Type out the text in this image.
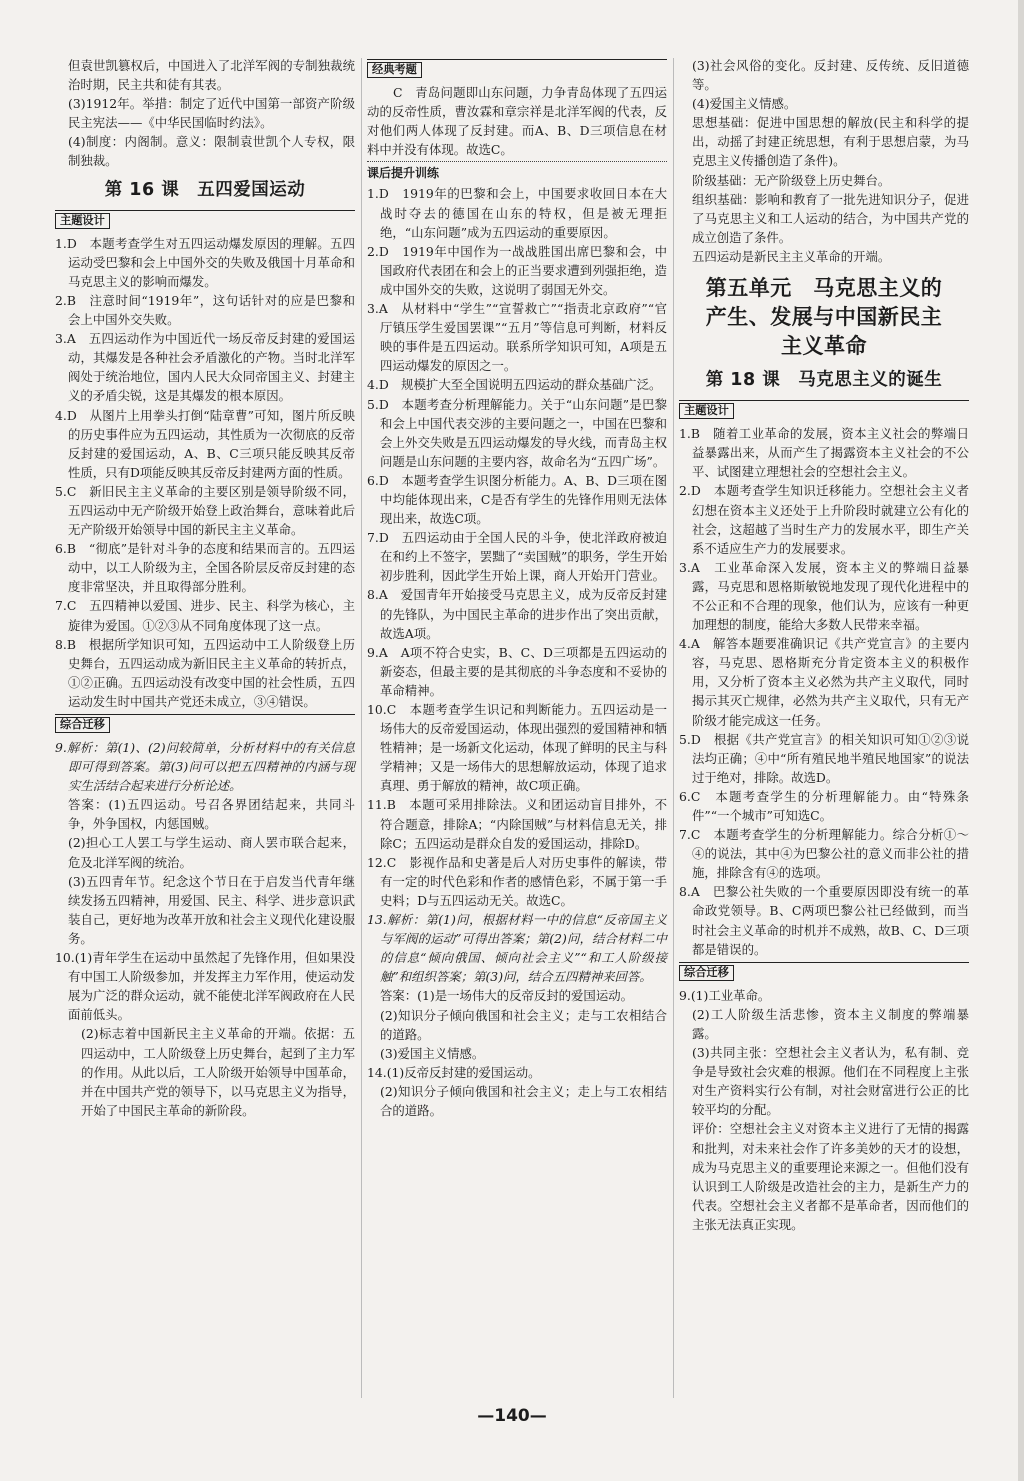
但袁世凯篡权后，中国进入了北洋军阀的专制独裁统治时期，民主共和徒有其表。

(3)1912年。举措：制定了近代中国第一部资产阶级民主宪法——《中华民国临时约法》。

(4)制度：内阁制。意义：限制袁世凯个人专权，限制独裁。

第 16 课　五四爱国运动
主题设计

1.D　本题考查学生对五四运动爆发原因的理解。五四运动受巴黎和会上中国外交的失败及俄国十月革命和马克思主义的影响而爆发。

2.B　注意时间“1919年”，这句话针对的应是巴黎和会上中国外交失败。

3.A　五四运动作为中国近代一场反帝反封建的爱国运动，其爆发是各种社会矛盾激化的产物。当时北洋军阀处于统治地位，国内人民大众同帝国主义、封建主义的矛盾尖锐，这是其爆发的根本原因。

4.D　从图片上用拳头打倒“陆章曹”可知，图片所反映的历史事件应为五四运动，其性质为一次彻底的反帝反封建的爱国运动，A、B、C三项只能反映其反帝性质，只有D项能反映其反帝反封建两方面的性质。

5.C　新旧民主主义革命的主要区别是领导阶级不同，五四运动中无产阶级开始登上政治舞台，意味着此后无产阶级开始领导中国的新民主主义革命。

6.B　“彻底”是针对斗争的态度和结果而言的。五四运动中，以工人阶级为主，全国各阶层反帝反封建的态度非常坚决，并且取得部分胜利。

7.C　五四精神以爱国、进步、民主、科学为核心，主旋律为爱国。①②③从不同角度体现了这一点。

8.B　根据所学知识可知，五四运动中工人阶级登上历史舞台，五四运动成为新旧民主主义革命的转折点，①②正确。五四运动没有改变中国的社会性质，五四运动发生时中国共产党还未成立，③④错误。

综合迁移

9.解析：第(1)、(2)问较简单，分析材料中的有关信息即可得到答案。第(3)问可以把五四精神的内涵与现实生活结合起来进行分析论述。

答案：(1)五四运动。号召各界团结起来，共同斗争，外争国权，内惩国贼。

(2)担心工人罢工与学生运动、商人罢市联合起来，危及北洋军阀的统治。

(3)五四青年节。纪念这个节日在于启发当代青年继续发扬五四精神，用爱国、民主、科学、进步意识武装自己，更好地为改革开放和社会主义现代化建设服务。

10.(1)青年学生在运动中虽然起了先锋作用，但如果没有中国工人阶级参加，并发挥主力军作用，使运动发展为广泛的群众运动，就不能使北洋军阀政府在人民面前低头。

(2)标志着中国新民主主义革命的开端。依据：五四运动中，工人阶级登上历史舞台，起到了主力军的作用。从此以后，工人阶级开始领导中国革命，并在中国共产党的领导下，以马克思主义为指导，开始了中国民主革命的新阶段。

经典考题

C　青岛问题即山东问题，力争青岛体现了五四运动的反帝性质，曹汝霖和章宗祥是北洋军阀的代表，反对他们两人体现了反封建。而A、B、D三项信息在材料中并没有体现。故选C。

课后提升训练

1.D　1919年的巴黎和会上，中国要求收回日本在大战时夺去的德国在山东的特权，但是被无理拒绝，“山东问题”成为五四运动的重要原因。

2.D　1919年中国作为一战战胜国出席巴黎和会，中国政府代表团在和会上的正当要求遭到列强拒绝，造成中国外交的失败，这说明了弱国无外交。

3.A　从材料中“学生”“宣誓救亡”“指责北京政府”“官厅镇压学生爱国罢课”“五月”等信息可判断，材料反映的事件是五四运动。联系所学知识可知，A项是五四运动爆发的原因之一。

4.D　规模扩大至全国说明五四运动的群众基础广泛。

5.D　本题考查分析理解能力。关于“山东问题”是巴黎和会上中国代表交涉的主要问题之一，中国在巴黎和会上外交失败是五四运动爆发的导火线，而青岛主权问题是山东问题的主要内容，故命名为“五四广场”。

6.D　本题考查学生识图分析能力。A、B、D三项在图中均能体现出来，C是否有学生的先锋作用则无法体现出来，故选C项。

7.D　五四运动由于全国人民的斗争，使北洋政府被迫在和约上不签字，罢黜了“卖国贼”的职务，学生开始初步胜利，因此学生开始上课，商人开始开门营业。

8.A　爱国青年开始接受马克思主义，成为反帝反封建的先锋队，为中国民主革命的进步作出了突出贡献，故选A项。

9.A　A项不符合史实，B、C、D三项都是五四运动的新姿态，但最主要的是其彻底的斗争态度和不妥协的革命精神。

10.C　本题考查学生识记和判断能力。五四运动是一场伟大的反帝爱国运动，体现出强烈的爱国精神和牺牲精神；是一场新文化运动，体现了鲜明的民主与科学精神；又是一场伟大的思想解放运动，体现了追求真理、勇于解放的精神，故C项正确。

11.B　本题可采用排除法。义和团运动盲目排外，不符合题意，排除A；“内除国贼”与材料信息无关，排除C；五四运动是群众自发的爱国运动，排除D。

12.C　影视作品和史著是后人对历史事件的解读，带有一定的时代色彩和作者的感情色彩，不属于第一手史料；D与五四运动无关。故选C。

13.解析：第(1)问，根据材料一中的信息“反帝国主义与军阀的运动”可得出答案；第(2)问，结合材料二中的信息“倾向俄国、倾向社会主义”“和工人阶级接触”和组织答案；第(3)问，结合五四精神来回答。

答案：(1)是一场伟大的反帝反封的爱国运动。

(2)知识分子倾向俄国和社会主义；走与工农相结合的道路。

(3)爱国主义情感。

14.(1)反帝反封建的爱国运动。

(2)知识分子倾向俄国和社会主义；走上与工农相结合的道路。

(3)社会风俗的变化。反封建、反传统、反旧道德等。

(4)爱国主义情感。

思想基础：促进中国思想的解放(民主和科学的提出，动摇了封建正统思想，有利于思想启蒙，为马克思主义传播创造了条件)。

阶级基础：无产阶级登上历史舞台。

组织基础：影响和教育了一批先进知识分子，促进了马克思主义和工人运动的结合，为中国共产党的成立创造了条件。

五四运动是新民主主义革命的开端。

第五单元　马克思主义的
产生、发展与中国新民主
主义革命
第 18 课　马克思主义的诞生
主题设计

1.B　随着工业革命的发展，资本主义社会的弊端日益暴露出来，从而产生了揭露资本主义社会的不公平、试图建立理想社会的空想社会主义。

2.D　本题考查学生知识迁移能力。空想社会主义者幻想在资本主义还处于上升阶段时就建立公有化的社会，这超越了当时生产力的发展水平，即生产关系不适应生产力的发展要求。

3.A　工业革命深入发展，资本主义的弊端日益暴露，马克思和恩格斯敏锐地发现了现代化进程中的不公正和不合理的现象，他们认为，应该有一种更加理想的制度，能给大多数人民带来幸福。

4.A　解答本题要准确识记《共产党宣言》的主要内容，马克思、恩格斯充分肯定资本主义的积极作用，又分析了资本主义必然为共产主义取代，同时揭示其灭亡规律，必然为共产主义取代，只有无产阶级才能完成这一任务。

5.D　根据《共产党宣言》的相关知识可知①②③说法均正确；④中“所有殖民地半殖民地国家”的说法过于绝对，排除。故选D。

6.C　本题考查学生的分析理解能力。由“特殊条件”“一个城市”可知选C。

7.C　本题考查学生的分析理解能力。综合分析①～④的说法，其中④为巴黎公社的意义而非公社的措施，排除含有④的选项。

8.A　巴黎公社失败的一个重要原因即没有统一的革命政党领导。B、C两项巴黎公社已经做到，而当时社会主义革命的时机并不成熟，故B、C、D三项都是错误的。

综合迁移

9.(1)工业革命。

(2)工人阶级生活悲惨，资本主义制度的弊端暴露。

(3)共同主张：空想社会主义者认为，私有制、竞争是导致社会灾难的根源。他们在不同程度上主张对生产资料实行公有制，对社会财富进行公正的比较平均的分配。

评价：空想社会主义对资本主义进行了无情的揭露和批判，对未来社会作了许多美妙的天才的设想，成为马克思主义的重要理论来源之一。但他们没有认识到工人阶级是改造社会的主力，是新生产力的代表。空想社会主义者都不是革命者，因而他们的主张无法真正实现。

—140—
